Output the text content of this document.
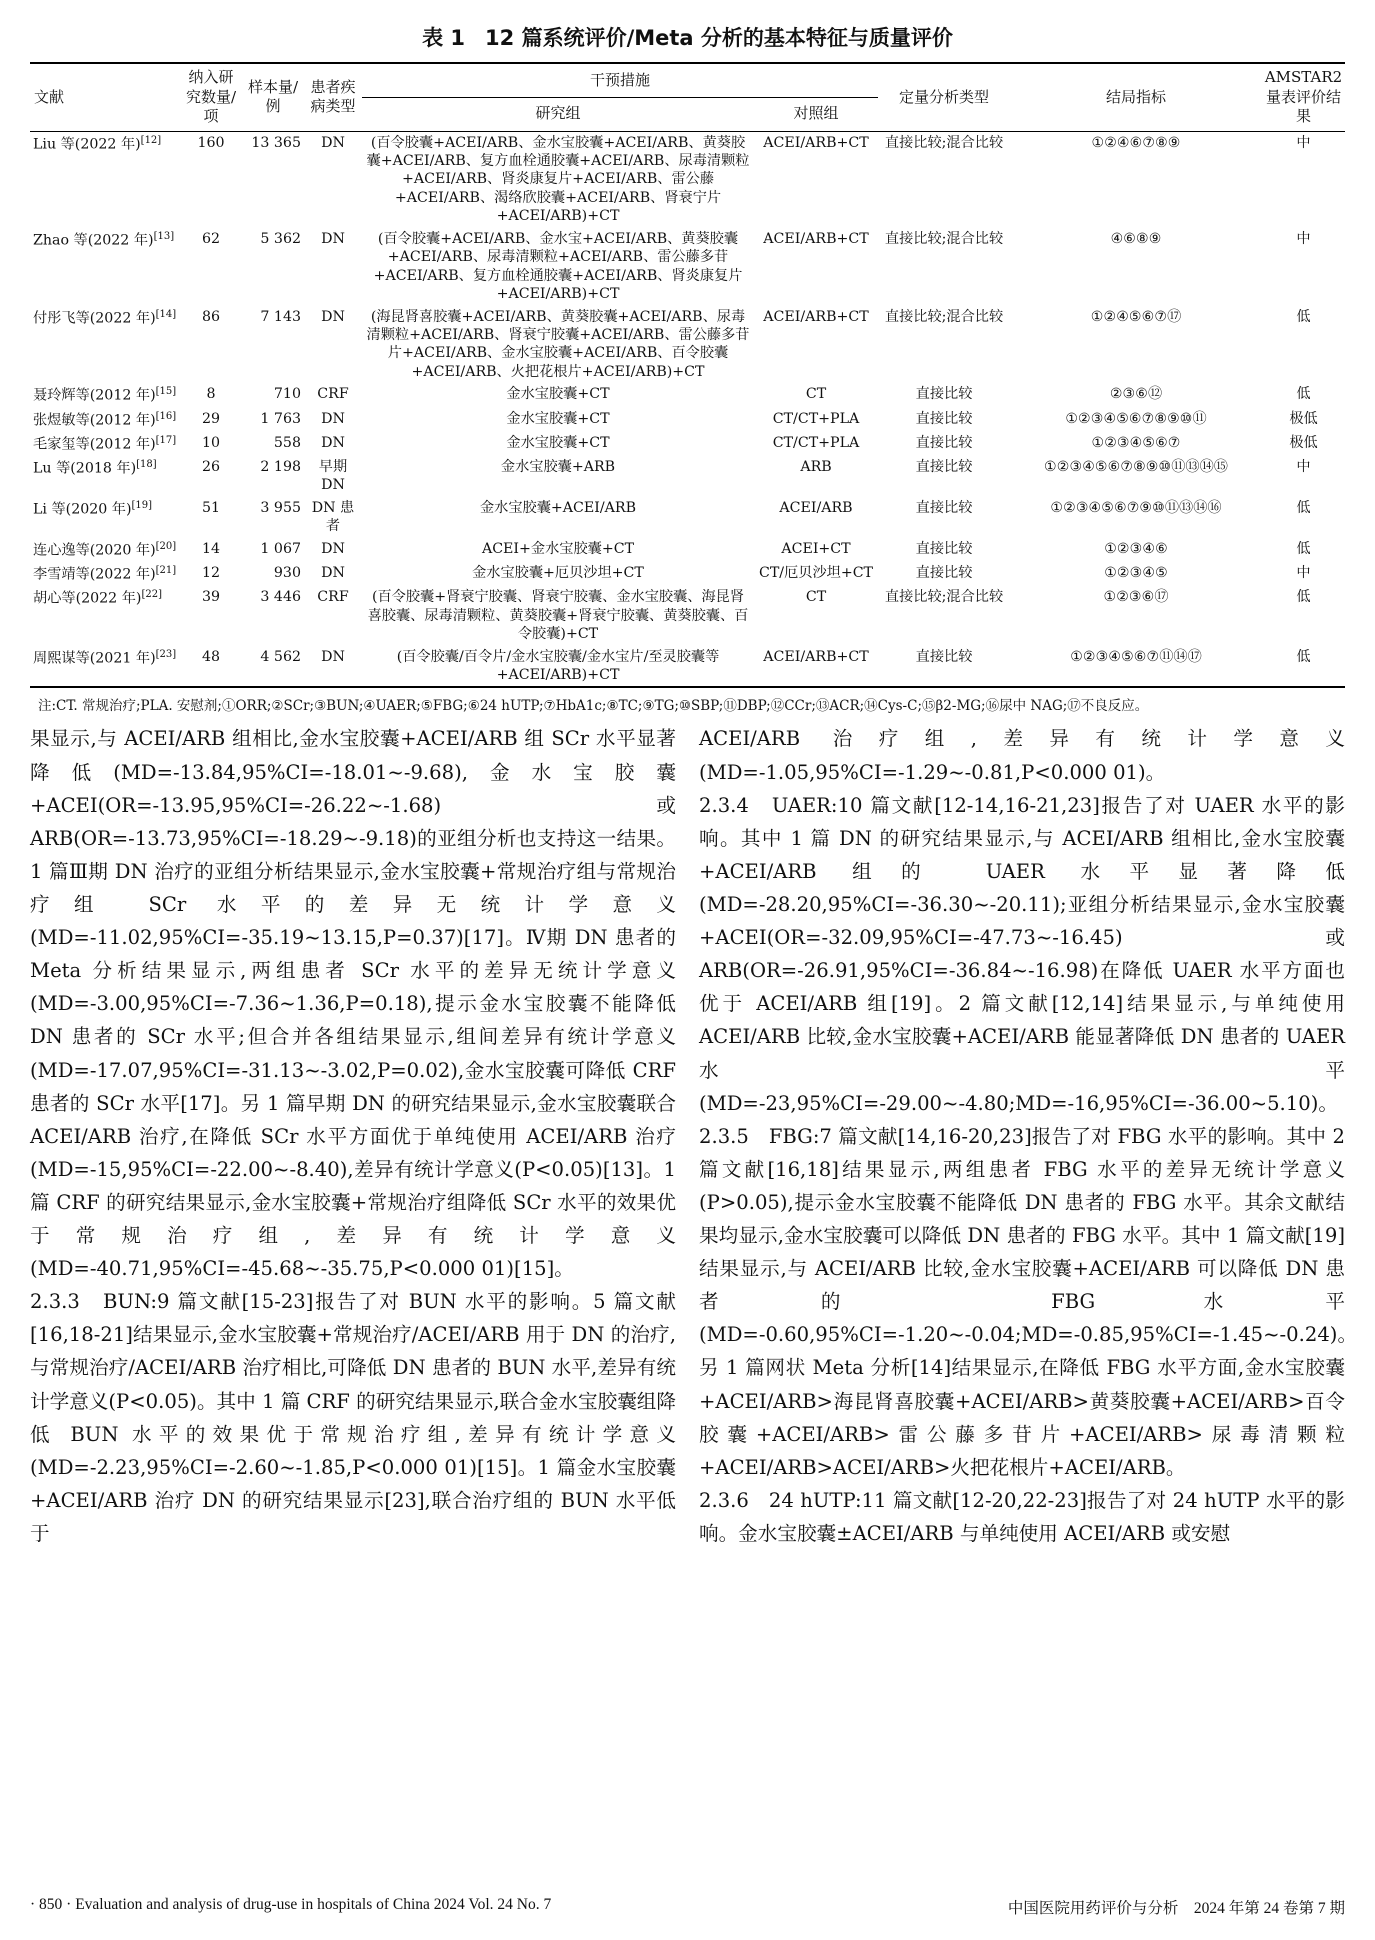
表 1 12 篇系统评价/Meta 分析的基本特征与质量评价
文献	纳入研究数量/项	样本量/例	患者疾病类型	干预措施		定量分析类型	结局指标	AMSTAR2量表评价结果
				研究组	对照组			

Liu 等(2022 年)[12]	160	13 365	DN	(百令胶囊+ACEI/ARB、金水宝胶囊+ACEI/ARB、黄葵胶囊+ACEI/ARB、复方血栓通胶囊+ACEI/ARB、尿毒清颗粒+ACEI/ARB、肾炎康复片+ACEI/ARB、雷公藤+ACEI/ARB、渴络欣胶囊+ACEI/ARB、肾衰宁片+ACEI/ARB)+CT	ACEI/ARB+CT	直接比较;混合比较	①②④⑥⑦⑧⑨	中
Zhao 等(2022 年)[13]	62	5 362	DN	(百令胶囊+ACEI/ARB、金水宝+ACEI/ARB、黄葵胶囊+ACEI/ARB、尿毒清颗粒+ACEI/ARB、雷公藤多苷+ACEI/ARB、复方血栓通胶囊+ACEI/ARB、肾炎康复片+ACEI/ARB)+CT	ACEI/ARB+CT	直接比较;混合比较	④⑥⑧⑨	中
付彤飞等(2022 年)[14]	86	7 143	DN	(海昆肾喜胶囊+ACEI/ARB、黄葵胶囊+ACEI/ARB、尿毒清颗粒+ACEI/ARB、肾衰宁胶囊+ACEI/ARB、雷公藤多苷片+ACEI/ARB、金水宝胶囊+ACEI/ARB、百令胶囊+ACEI/ARB、火把花根片+ACEI/ARB)+CT	ACEI/ARB+CT	直接比较;混合比较	①②④⑤⑥⑦⑰	低
聂玲辉等(2012 年)[15]	8	710	CRF	金水宝胶囊+CT	CT	直接比较	②③⑥⑫	低
张煜敏等(2012 年)[16]	29	1 763	DN	金水宝胶囊+CT	CT/CT+PLA	直接比较	①②③④⑤⑥⑦⑧⑨⑩⑪	极低
毛家玺等(2012 年)[17]	10	558	DN	金水宝胶囊+CT	CT/CT+PLA	直接比较	①②③④⑤⑥⑦	极低
Lu 等(2018 年)[18]	26	2 198	早期 DN	金水宝胶囊+ARB	ARB	直接比较	①②③④⑤⑥⑦⑧⑨⑩⑪⑬⑭⑮	中
Li 等(2020 年)[19]	51	3 955	DN 患者	金水宝胶囊+ACEI/ARB	ACEI/ARB	直接比较	①②③④⑤⑥⑦⑨⑩⑪⑬⑭⑯	低
连心逸等(2020 年)[20]	14	1 067	DN	ACEI+金水宝胶囊+CT	ACEI+CT	直接比较	①②③④⑥	低
李雪靖等(2022 年)[21]	12	930	DN	金水宝胶囊+厄贝沙坦+CT	CT/厄贝沙坦+CT	直接比较	①②③④⑤	中
胡心等(2022 年)[22]	39	3 446	CRF	(百令胶囊+肾衰宁胶囊、肾衰宁胶囊、金水宝胶囊、海昆肾喜胶囊、尿毒清颗粒、黄葵胶囊+肾衰宁胶囊、黄葵胶囊、百令胶囊)+CT	CT	直接比较;混合比较	①②③⑥⑰	低
周熙谋等(2021 年)[23]	48	4 562	DN	(百令胶囊/百令片/金水宝胶囊/金水宝片/至灵胶囊等+ACEI/ARB)+CT	ACEI/ARB+CT	直接比较	①②③④⑤⑥⑦⑪⑭⑰	低
注:CT. 常规治疗;PLA. 安慰剂;①ORR;②SCr;③BUN;④UAER;⑤FBG;⑥24 hUTP;⑦HbA1c;⑧TC;⑨TG;⑩SBP;⑪DBP;⑫CCr;⑬ACR;⑭Cys-C;⑮β2-MG;⑯尿中 NAG;⑰不良反应。

果显示,与 ACEI/ARB 组相比,金水宝胶囊+ACEI/ARB 组 SCr 水平显著降低(MD=-13.84,95%CI=-18.01~-9.68),金水宝胶囊+ACEI(OR=-13.95,95%CI=-26.22~-1.68)或 ARB(OR=-13.73,95%CI=-18.29~-9.18)的亚组分析也支持这一结果。1 篇Ⅲ期 DN 治疗的亚组分析结果显示,金水宝胶囊+常规治疗组与常规治疗组 SCr 水平的差异无统计学意义(MD=-11.02,95%CI=-35.19~13.15,P=0.37)[17]。Ⅳ期 DN 患者的 Meta 分析结果显示,两组患者 SCr 水平的差异无统计学意义(MD=-3.00,95%CI=-7.36~1.36,P=0.18),提示金水宝胶囊不能降低 DN 患者的 SCr 水平;但合并各组结果显示,组间差异有统计学意义(MD=-17.07,95%CI=-31.13~-3.02,P=0.02),金水宝胶囊可降低 CRF 患者的 SCr 水平[17]。另 1 篇早期 DN 的研究结果显示,金水宝胶囊联合 ACEI/ARB 治疗,在降低 SCr 水平方面优于单纯使用 ACEI/ARB 治疗(MD=-15,95%CI=-22.00~-8.40),差异有统计学意义(P<0.05)[13]。1 篇 CRF 的研究结果显示,金水宝胶囊+常规治疗组降低 SCr 水平的效果优于常规治疗组,差异有统计学意义(MD=-40.71,95%CI=-45.68~-35.75,P<0.000 01)[15]。

2.3.3　BUN:9 篇文献[15-23]报告了对 BUN 水平的影响。5 篇文献[16,18-21]结果显示,金水宝胶囊+常规治疗/ACEI/ARB 用于 DN 的治疗,与常规治疗/ACEI/ARB 治疗相比,可降低 DN 患者的 BUN 水平,差异有统计学意义(P<0.05)。其中 1 篇 CRF 的研究结果显示,联合金水宝胶囊组降低 BUN 水平的效果优于常规治疗组,差异有统计学意义(MD=-2.23,95%CI=-2.60~-1.85,P<0.000 01)[15]。1 篇金水宝胶囊+ACEI/ARB 治疗 DN 的研究结果显示[23],联合治疗组的 BUN 水平低于

ACEI/ARB 治疗组,差异有统计学意义(MD=-1.05,95%CI=-1.29~-0.81,P<0.000 01)。

2.3.4　UAER:10 篇文献[12-14,16-21,23]报告了对 UAER 水平的影响。其中 1 篇 DN 的研究结果显示,与 ACEI/ARB 组相比,金水宝胶囊+ACEI/ARB 组的 UAER 水平显著降低(MD=-28.20,95%CI=-36.30~-20.11);亚组分析结果显示,金水宝胶囊+ACEI(OR=-32.09,95%CI=-47.73~-16.45)或 ARB(OR=-26.91,95%CI=-36.84~-16.98)在降低 UAER 水平方面也优于 ACEI/ARB 组[19]。2 篇文献[12,14]结果显示,与单纯使用 ACEI/ARB 比较,金水宝胶囊+ACEI/ARB 能显著降低 DN 患者的 UAER 水平(MD=-23,95%CI=-29.00~-4.80;MD=-16,95%CI=-36.00~5.10)。

2.3.5　FBG:7 篇文献[14,16-20,23]报告了对 FBG 水平的影响。其中 2 篇文献[16,18]结果显示,两组患者 FBG 水平的差异无统计学意义(P>0.05),提示金水宝胶囊不能降低 DN 患者的 FBG 水平。其余文献结果均显示,金水宝胶囊可以降低 DN 患者的 FBG 水平。其中 1 篇文献[19]结果显示,与 ACEI/ARB 比较,金水宝胶囊+ACEI/ARB 可以降低 DN 患者的 FBG 水平(MD=-0.60,95%CI=-1.20~-0.04;MD=-0.85,95%CI=-1.45~-0.24)。另 1 篇网状 Meta 分析[14]结果显示,在降低 FBG 水平方面,金水宝胶囊+ACEI/ARB>海昆肾喜胶囊+ACEI/ARB>黄葵胶囊+ACEI/ARB>百令胶囊+ACEI/ARB>雷公藤多苷片+ACEI/ARB>尿毒清颗粒+ACEI/ARB>ACEI/ARB>火把花根片+ACEI/ARB。

2.3.6　24 hUTP:11 篇文献[12-20,22-23]报告了对 24 hUTP 水平的影响。金水宝胶囊±ACEI/ARB 与单纯使用 ACEI/ARB 或安慰

· 850 · Evaluation and analysis of drug-use in hospitals of China 2024 Vol. 24 No. 7	中国医院用药评价与分析　2024 年第 24 卷第 7 期
